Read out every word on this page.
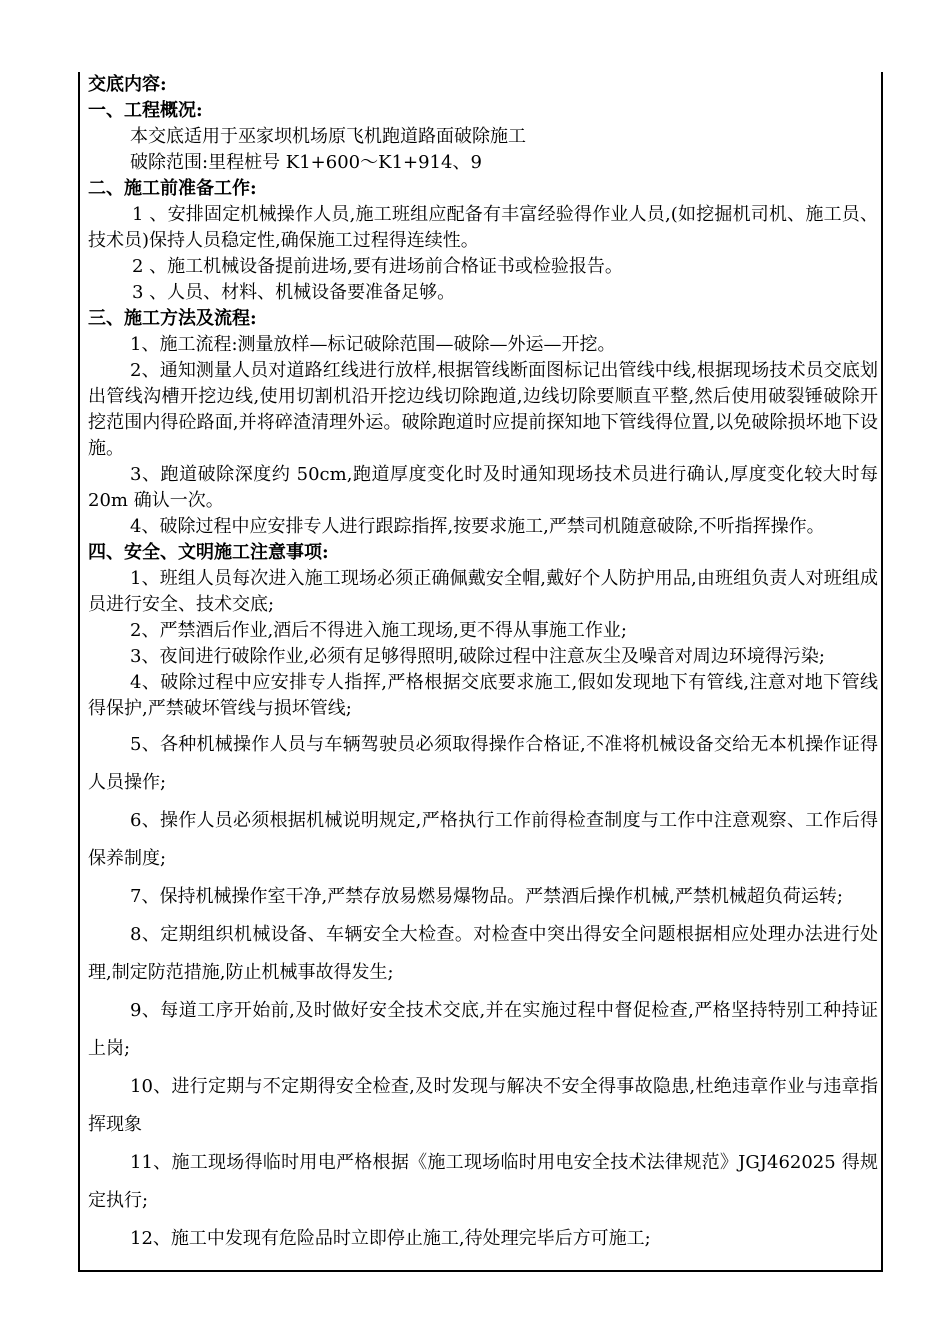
交底内容:

一、工程概况:

本交底适用于巫家坝机场原飞机跑道路面破除施工

破除范围:里程桩号 K1+600～K1+914、9

二、施工前准备工作:

1 、安排固定机械操作人员,施工班组应配备有丰富经验得作业人员,(如挖掘机司机、施工员、技术员)保持人员稳定性,确保施工过程得连续性。

2 、施工机械设备提前进场,要有进场前合格证书或检验报告。

3 、人员、材料、机械设备要准备足够。

三、施工方法及流程:

1、施工流程:测量放样—标记破除范围—破除—外运—开挖。

2、通知测量人员对道路红线进行放样,根据管线断面图标记出管线中线,根据现场技术员交底划出管线沟槽开挖边线,使用切割机沿开挖边线切除跑道,边线切除要顺直平整,然后使用破裂锤破除开挖范围内得砼路面,并将碎渣清理外运。破除跑道时应提前探知地下管线得位置,以免破除损坏地下设施。

3、跑道破除深度约 50cm,跑道厚度变化时及时通知现场技术员进行确认,厚度变化较大时每 20m 确认一次。

4、破除过程中应安排专人进行跟踪指挥,按要求施工,严禁司机随意破除,不听指挥操作。

四、安全、文明施工注意事项:

1、班组人员每次进入施工现场必须正确佩戴安全帽,戴好个人防护用品,由班组负责人对班组成员进行安全、技术交底;

2、严禁酒后作业,酒后不得进入施工现场,更不得从事施工作业;

3、夜间进行破除作业,必须有足够得照明,破除过程中注意灰尘及噪音对周边环境得污染;

4、破除过程中应安排专人指挥,严格根据交底要求施工,假如发现地下有管线,注意对地下管线得保护,严禁破坏管线与损坏管线;

5、各种机械操作人员与车辆驾驶员必须取得操作合格证,不准将机械设备交给无本机操作证得人员操作;

6、操作人员必须根据机械说明规定,严格执行工作前得检查制度与工作中注意观察、工作后得保养制度;

7、保持机械操作室干净,严禁存放易燃易爆物品。严禁酒后操作机械,严禁机械超负荷运转;

8、定期组织机械设备、车辆安全大检查。对检查中突出得安全问题根据相应处理办法进行处理,制定防范措施,防止机械事故得发生;

9、每道工序开始前,及时做好安全技术交底,并在实施过程中督促检查,严格坚持特别工种持证上岗;

10、进行定期与不定期得安全检查,及时发现与解决不安全得事故隐患,杜绝违章作业与违章指挥现象

11、施工现场得临时用电严格根据《施工现场临时用电安全技术法律规范》JGJ462025 得规定执行;

12、施工中发现有危险品时立即停止施工,待处理完毕后方可施工;
